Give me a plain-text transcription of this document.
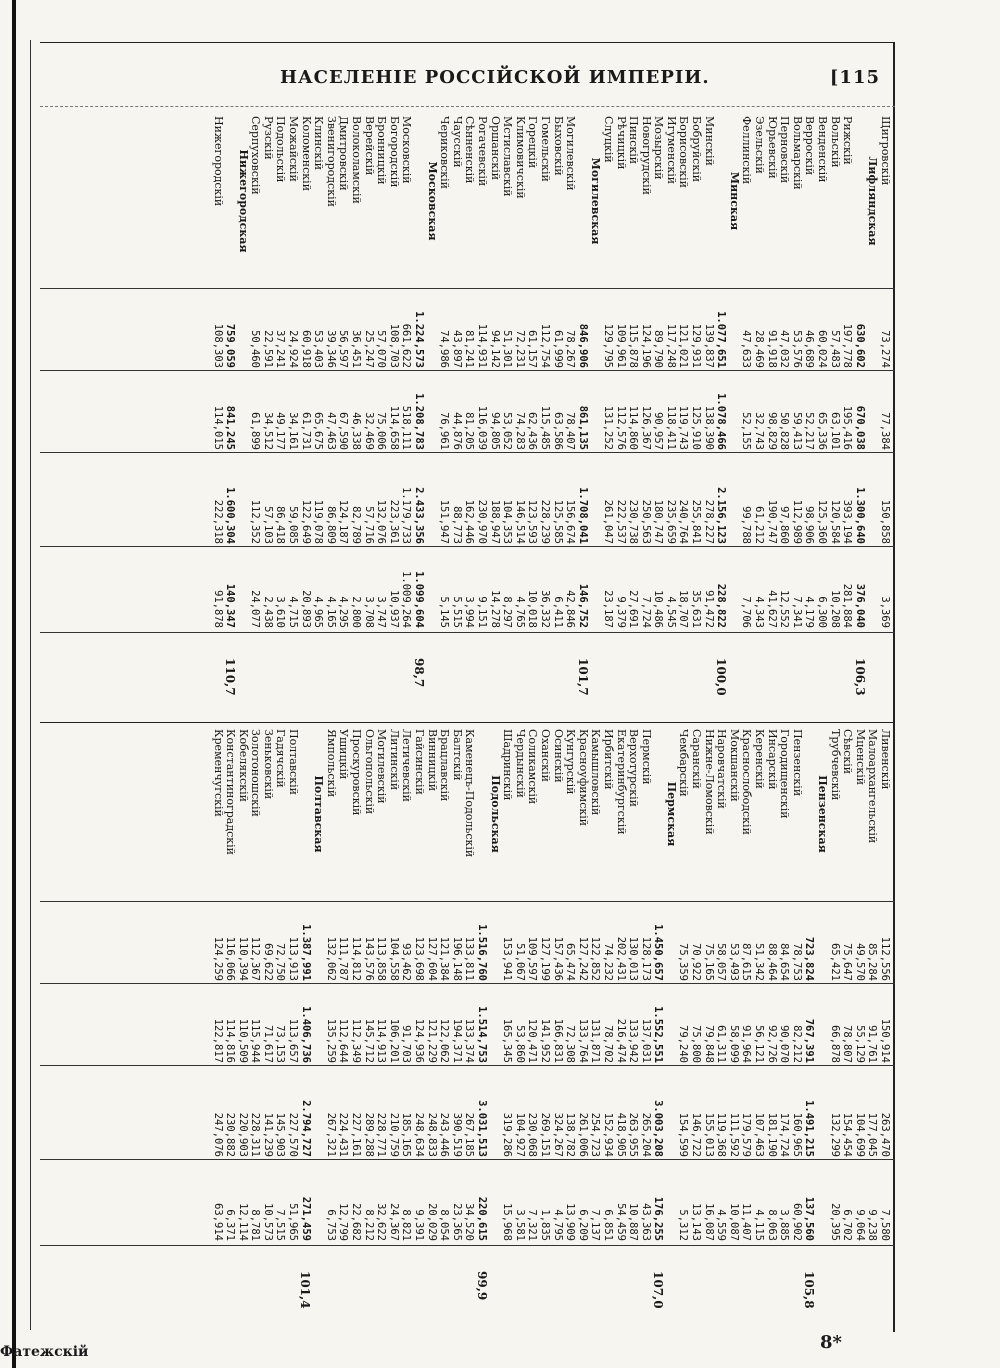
НАСЕЛЕНІЕ РОССІЙСКОЙ ИМПЕРІИ.	[115
Щигровскій
Лифляндская
Рижскій
Вольскій
Венденскій
Верроскій
Вольмарскій
Перновскій
Юрьевскій
Эзельскій
Феллинскій
Минская
Минскій
Бобруйскій
Борисовскій
Игуменскій
Мозырскій
Новогрудскій
Пинскій
Рѣчицкій
Слуцкій
Могилевская
Могилевскій
Быховскій
Гомельскій
Горецкій
Климовичскій
Мстиславскій
Оршанскій
Рогачевскій
Сѣнненскій
Чаусскій
Чериковскій
Московская
Московскій
Богородскій
Бронницкій
Верейскій
Волоколамскій
Дмитровскій
Звенигородскій
Клинскій
Коломенскій
Можайскій
Подольскій
Рузскій
Серпуховскій
Нижегородская
Нижегородскій
73,274
630,602
197,778
57,483
60,024
46,689
53,576
47,032
91,918
28,469
47,633
1.077,651
139,837
129,931
121,021
117,248
89,790
124,196
115,878
109,961
129,795
846,906
78,267
61,999
112,754
61,157
72,231
51,301
94,142
114,931
81,241
43,897
74,986
1.224,573
661,622
108,703
57,070
25,247
36,451
56,597
39,346
53,403
60,918
24,924
37,241
22,591
50,460
759,059
108,303
77,384
670,038
195,416
63,101
65,336
52,217
59,413
50,828
98,829
32,743
52,155
1.078,466
138,390
125,910
119,743
118,411
90,957
126,367
114,860
112,576
131,252
861,135
78,407
63,586
115,485
62,436
74,283
53,052
94,805
116,039
81,205
44,876
76,961
1.208,783
518,111
114,658
75,006
32,469
46,338
67,590
47,463
65,675
61,731
34,161
49,177
34,512
61,899
841,245
114,015
150,858
1.300,640
393,194
120,584
125,360
98,906
112,989
97,860
190,747
61,212
99,788
2.156,123
278,227
255,841
240,764
235,659
180,747
250,563
230,738
222,537
261,047
1.708,041
156,674
125,585
228,239
123,593
146,514
104,353
188,947
230,970
162,446
88,773
151,947
2.433,356
1.179,733
223,361
132,076
57,716
82,789
124,187
86,809
119,078
122,649
59,085
86,418
57,103
112,352
1.600,304
222,318
3,369
376,040
281,884
10,208
6,300
4,179
7,341
12,552
41,627
4,343
7,706
228,822
91,472
35,631
18,707
4,545
10,486
7,724
27,691
9,379
23,187
146,752
42,846
6,411
36,332
10,018
4,765
8,297
14,278
9,151
3,994
5,515
5,145
1.099,604
1.009,264
10,937
3,747
3,708
2,800
4,295
4,165
4,965
20,893
4,715
3,610
2,438
24,077
140,347
91,878
106,3
100,0
101,7
98,7
110,7
Ливенскій
Малоархангельскій
Мценскій
Сѣвскій
Трубчевскій
Пензенская
Пензенскій
Городищенскій
Инсарскій
Керенскій
Краснослободскій
Мокшанскій
Наровчатскій
Нижне-Ломовскій
Саранскій
Чембарскій
Пермская
Пермскій
Верхотурскій
Екатеринбургскій
Ирбитскій
Камышловскій
Красноуфимскій
Кунгурскій
Осинскій
Оханскій
Соликамскій
Чердынскій
Шадринскій
Подольская
Каменецъ-Подольскій
Балтскій
Брацлавскій
Винницкій
Гайсинскій
Летичевскій
Литинскій
Могилевскій
Ольгопольскій
Проскуровскій
Ушицкій
Ямпольскій
Полтавская
Полтавскій
Гадячскій
Зеньковскій
Золотоношскій
Кобелякскій
Константиноградскій
Кременчугскій
112,556
85,284
49,570
75,647
65,421
723,824
78,753
84,654
88,464
51,342
87,615
53,493
58,057
75,165
70,922
75,359
1.450,657
128,173
130,013
202,431
74,232
122,852
127,242
65,474
157,436
127,199
109,597
51,067
153,941
1.516,760
133,811
196,148
121,384
127,604
123,698
93,462
104,558
113,858
143,576
114,812
111,787
132,062
1.387,991
113,913
72,750
69,622
112,367
110,394
116,066
124,259
150,914
91,761
55,129
78,807
66,878
767,391
82,212
90,070
92,726
56,121
91,964
58,099
61,311
79,848
75,800
79,240
1.552,551
137,031
133,942
216,474
78,702
131,871
133,764
72,308
166,831
141,952
120,471
53,860
165,345
1.514,753
133,374
194,371
122,062
121,229
124,936
91,703
106,201
114,913
145,712
112,349
112,644
135,259
1.406,736
113,657
73,153
71,617
115,944
110,509
114,816
122,817
263,470
177,045
104,699
154,454
132,299
1.491,215
160,965
174,724
181,190
107,463
179,579
111,592
119,368
155,013
146,722
154,599
3.003,208
265,204
263,955
418,905
152,934
254,723
261,006
138,782
324,267
269,151
230,068
104,927
319,286
3.031,513
267,185
390,519
243,446
248,833
248,634
185,165
210,759
228,771
289,288
227,161
224,431
267,321
2.794,727
227,570
145,903
141,239
228,311
220,903
230,882
247,076
7,580
9,238
9,064
6,702
20,395
137,560
60,902
3,885
8,063
4,115
11,407
10,087
4,559
16,087
13,143
5,312
176,255
43,363
10,887
54,459
6,851
7,137
6,209
13,909
4,795
1,835
7,321
3,581
15,968
220,615
34,520
23,365
8,054
20,029
9,391
8,821
24,367
32,622
8,212
22,682
12,799
6,753
271,459
51,965
7,515
10,573
8,781
12,114
6,371
63,914
105,8
107,0
99,9
101,4
8*
Фатежскій
